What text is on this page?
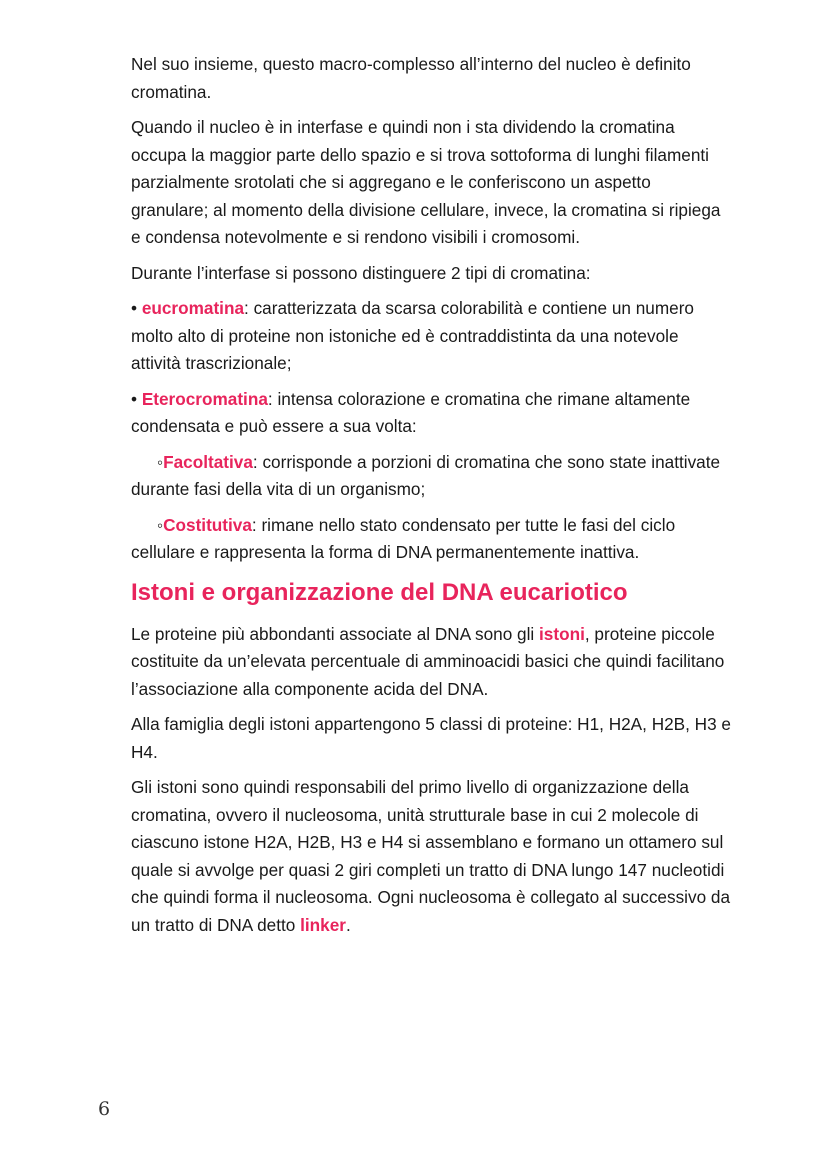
Nel suo insieme, questo macro-complesso all’interno del nucleo è definito cromatina.

Quando il nucleo è in interfase e quindi non i sta dividendo la cromatina occupa la maggior parte dello spazio e si trova sottoforma di lunghi filamenti parzialmente srotolati che si aggregano e le conferiscono un aspetto granulare; al momento della divisione cellulare, invece, la cromatina si ripiega e condensa notevolmente e si rendono visibili i cromosomi.

Durante l’interfase si possono distinguere 2 tipi di cromatina:

• eucromatina: caratterizzata da scarsa colorabilità e contiene un numero molto alto di proteine non istoniche ed è contraddistinta da una notevole attività trascrizionale;

• Eterocromatina: intensa colorazione e cromatina che rimane altamente condensata e può essere a sua volta:

◦Facoltativa: corrisponde a porzioni di cromatina che sono state inattivate durante fasi della vita di un organismo;

◦Costitutiva: rimane nello stato condensato per tutte le fasi del ciclo cellulare e rappresenta la forma di DNA permanentemente inattiva.

Istoni e organizzazione del DNA eucariotico

Le proteine più abbondanti associate al DNA sono gli istoni, proteine piccole costituite da un’elevata percentuale di amminoacidi basici che quindi facilitano l’associazione alla componente acida del DNA.

Alla famiglia degli istoni appartengono 5 classi di proteine: H1, H2A, H2B, H3 e H4.

Gli istoni sono quindi responsabili del primo livello di organizzazione della cromatina, ovvero il nucleosoma, unità strutturale base in cui 2 molecole di ciascuno istone H2A, H2B, H3 e H4 si assemblano e formano un ottamero sul quale si avvolge per quasi 2 giri completi un tratto di DNA lungo 147 nucleotidi che quindi forma il nucleosoma. Ogni nucleosoma è collegato al successivo da un tratto di DNA detto linker.

6
